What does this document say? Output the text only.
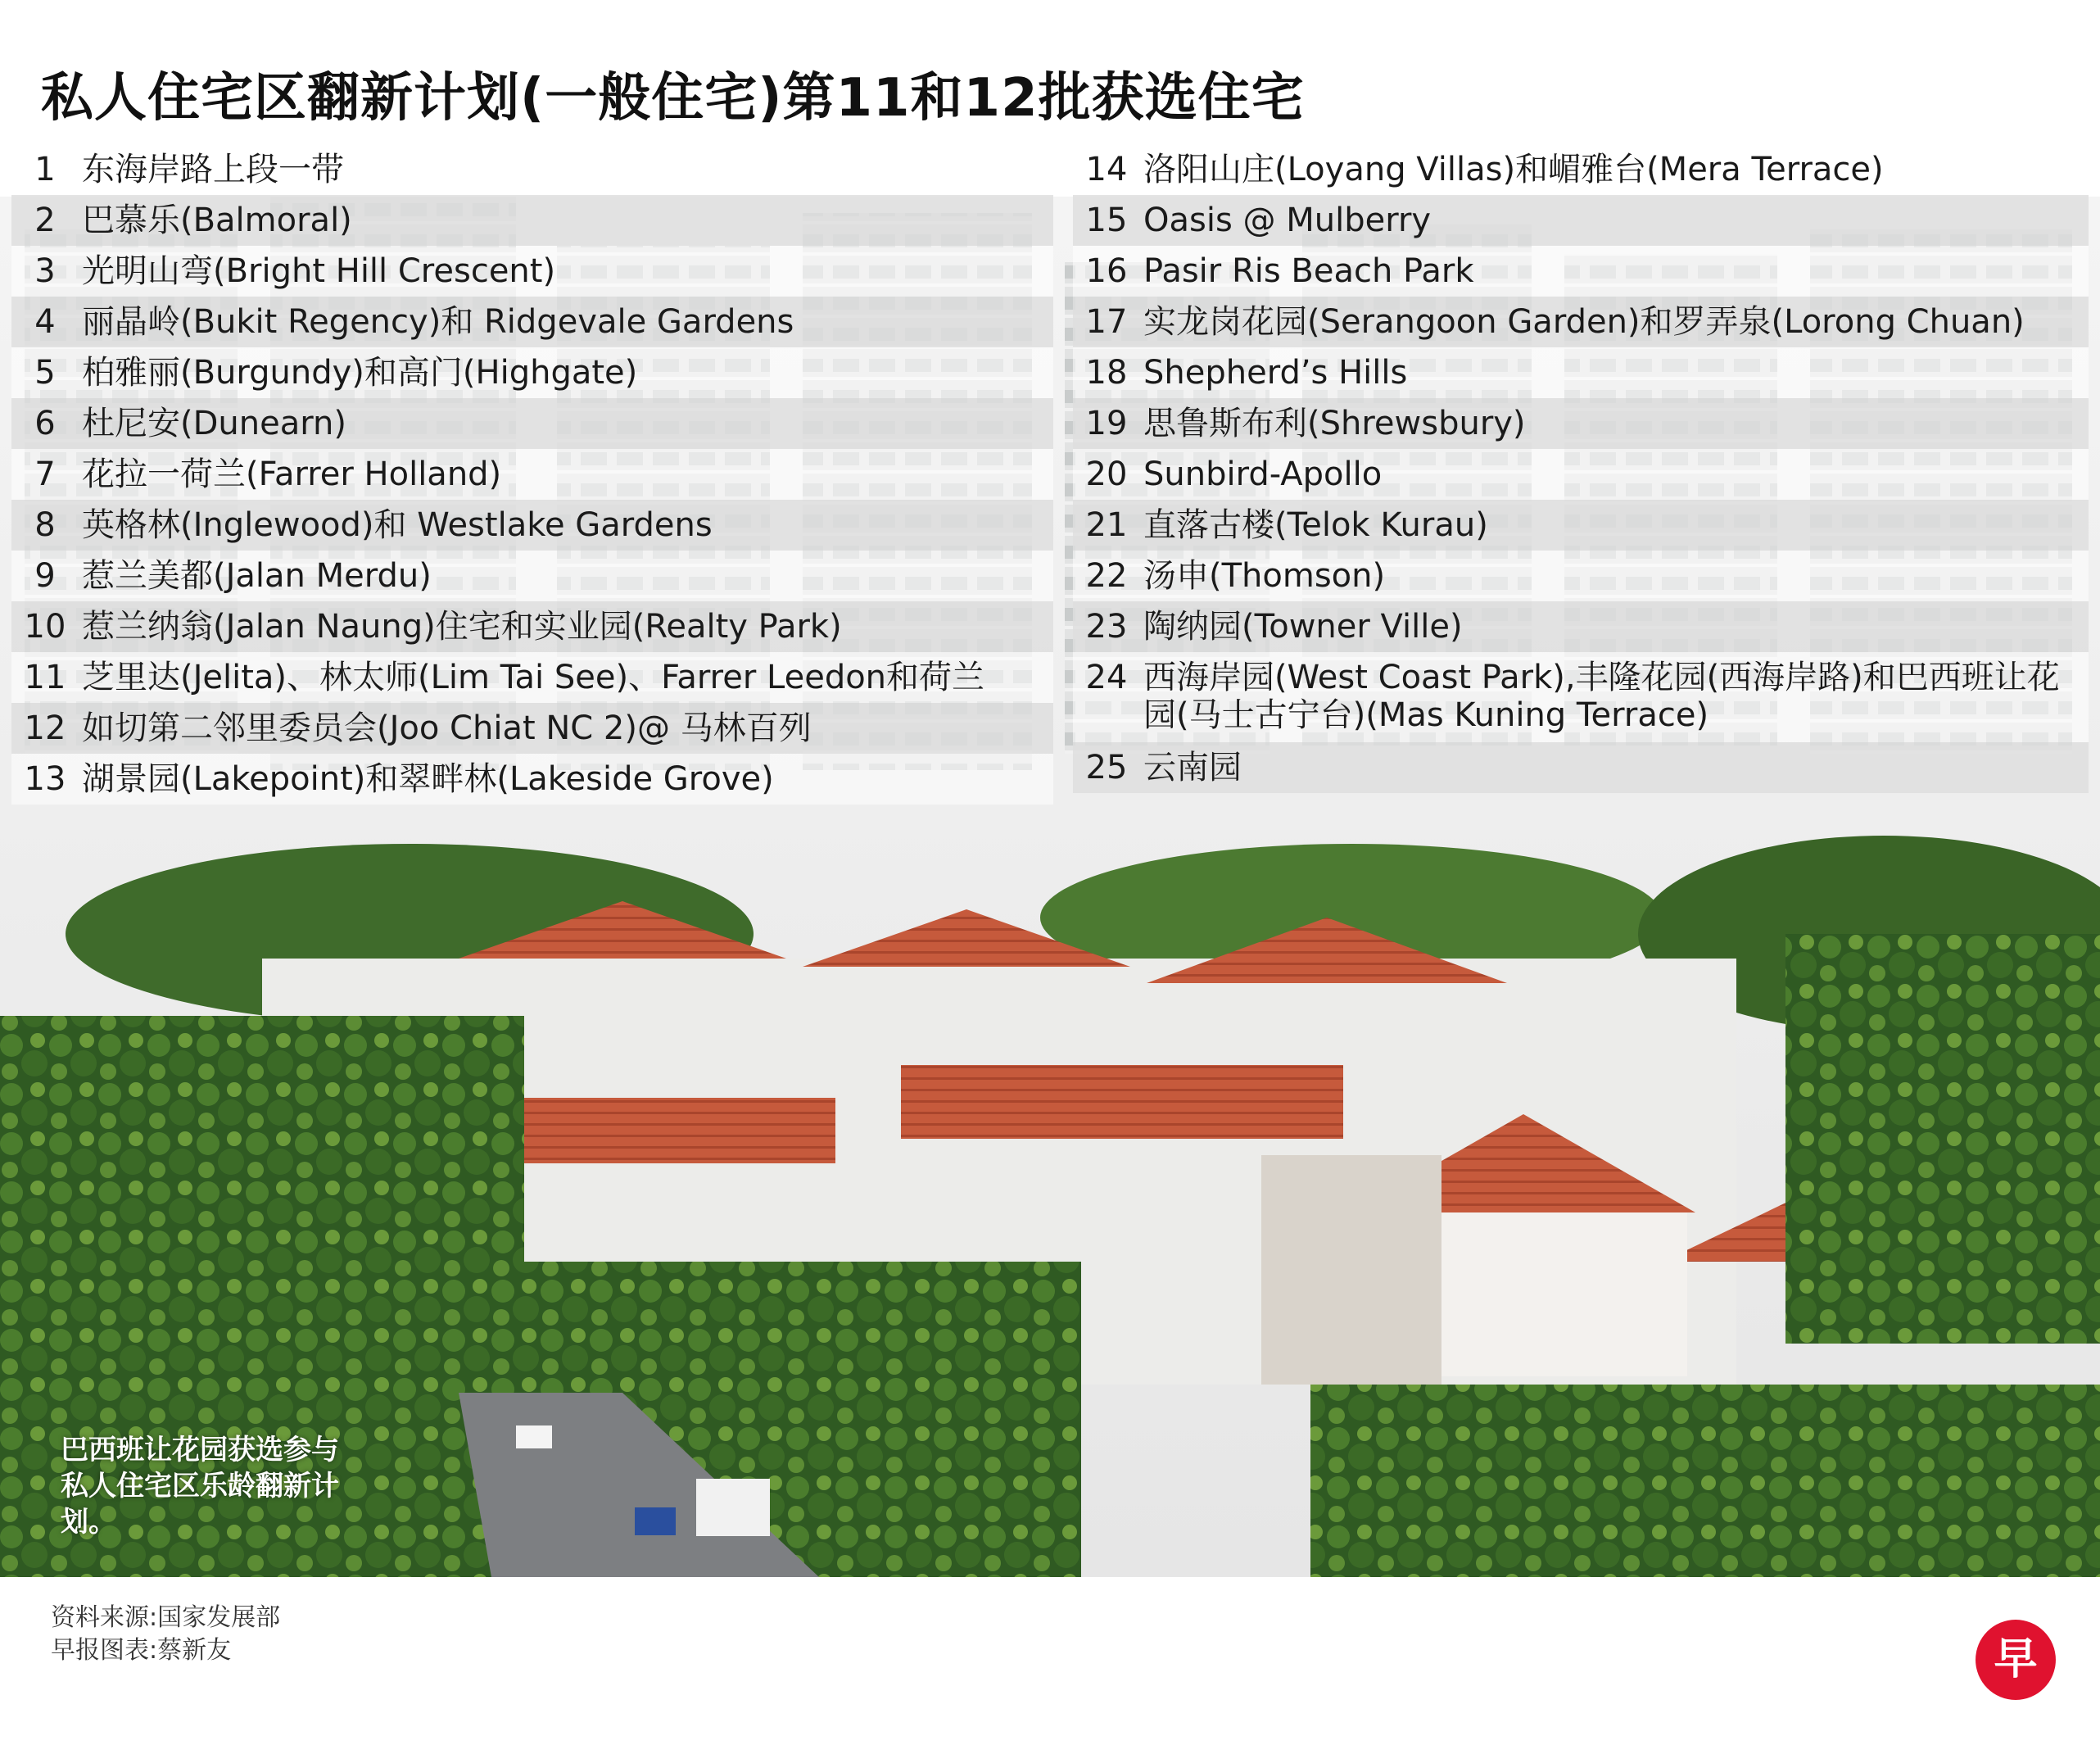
私人住宅区翻新计划(一般住宅)第11和12批获选住宅
1 东海岸路上段一带
2 巴慕乐(Balmoral)
3 光明山弯(Bright Hill Crescent)
4 丽晶岭(Bukit Regency)和 Ridgevale Gardens
5 柏雅丽(Burgundy)和高门(Highgate)
6 杜尼安(Dunearn)
7 花拉一荷兰(Farrer Holland)
8 英格林(Inglewood)和 Westlake Gardens
9 惹兰美都(Jalan Merdu)
10 惹兰纳翁(Jalan Naung)住宅和实业园(Realty Park)
11 芝里达(Jelita)、林太师(Lim Tai See)、Farrer Leedon和荷兰
12 如切第二邻里委员会(Joo Chiat NC 2)@ 马林百列
13 湖景园(Lakepoint)和翠畔林(Lakeside Grove)
14 洛阳山庄(Loyang Villas)和嵋雅台(Mera Terrace)
15 Oasis @ Mulberry
16 Pasir Ris Beach Park
17 实龙岗花园(Serangoon Garden)和罗弄泉(Lorong Chuan)
18 Shepherd’s Hills
19 思鲁斯布利(Shrewsbury)
20 Sunbird-Apollo
21 直落古楼(Telok Kurau)
22 汤申(Thomson)
23 陶纳园(Towner Ville)
24 西海岸园(West Coast Park),丰隆花园(西海岸路)和巴西班让花园(马士古宁台)(Mas Kuning Terrace)
25 云南园
巴西班让花园获选参与私人住宅区乐龄翻新计划。
资料来源:国家发展部
早报图表:蔡新友	早
